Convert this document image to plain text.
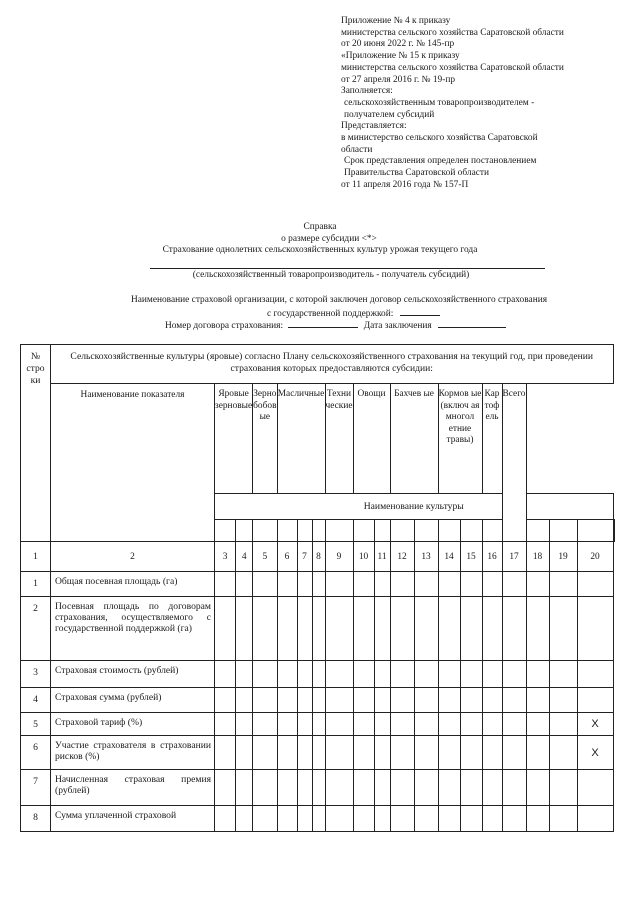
Приложение № 4 к приказу
министерства сельского хозяйства Саратовской области
от 20 июня 2022 г. № 145-пр
«Приложение № 15 к приказу
министерства сельского хозяйства Саратовской области
от 27 апреля 2016 г. № 19-пр
Заполняется:
сельскохозяйственным товаропроизводителем -
получателем субсидий
Представляется:
в министерство сельского хозяйства Саратовской
области
Срок представления определен постановлением
Правительства Саратовской области
от 11 апреля 2016 года № 157-П
Справка
о размере субсидии <*>
Страхование однолетних сельскохозяйственных культур урожая текущего года
(сельскохозяйственный товаропроизводитель - получатель субсидий)
Наименование страховой организации, с которой заключен договор сельскохозяйственного страхования
с государственной поддержкой:
Номер договора страхования:	Дата заключения
№ стро ки	Сельскохозяйственные культуры (яровые) согласно Плану сельскохозяйственного страхования на текущий год, при проведении страхования которых предоставляются субсидии:																			
	Наименование показателя	Яровые зерновые		Зерно бобов ые	Масличные			Техни ческие	Овощи		Бахчев ые		Кормов ые (включ ая многол етние травы)		Кар тоф ель	Всего				
		Наименование культуры																		

1	2	3	4	5	6	7	8	9	10	11	12	13	14	15	16	17	18	19	20	
1	Общая посевная площадь (га)																			
2	Посевная площадь по договорам страхования, осуществляемого с государственной поддержкой (га)																			
3	Страховая стоимость (рублей)																			
4	Страховая сумма (рублей)																			
5	Страховой тариф (%)																		X	
6	Участие страхователя в страховании рисков (%)																		X	
7	Начисленная страховая премия (рублей)																			
8	Сумма уплаченной страховой																			
